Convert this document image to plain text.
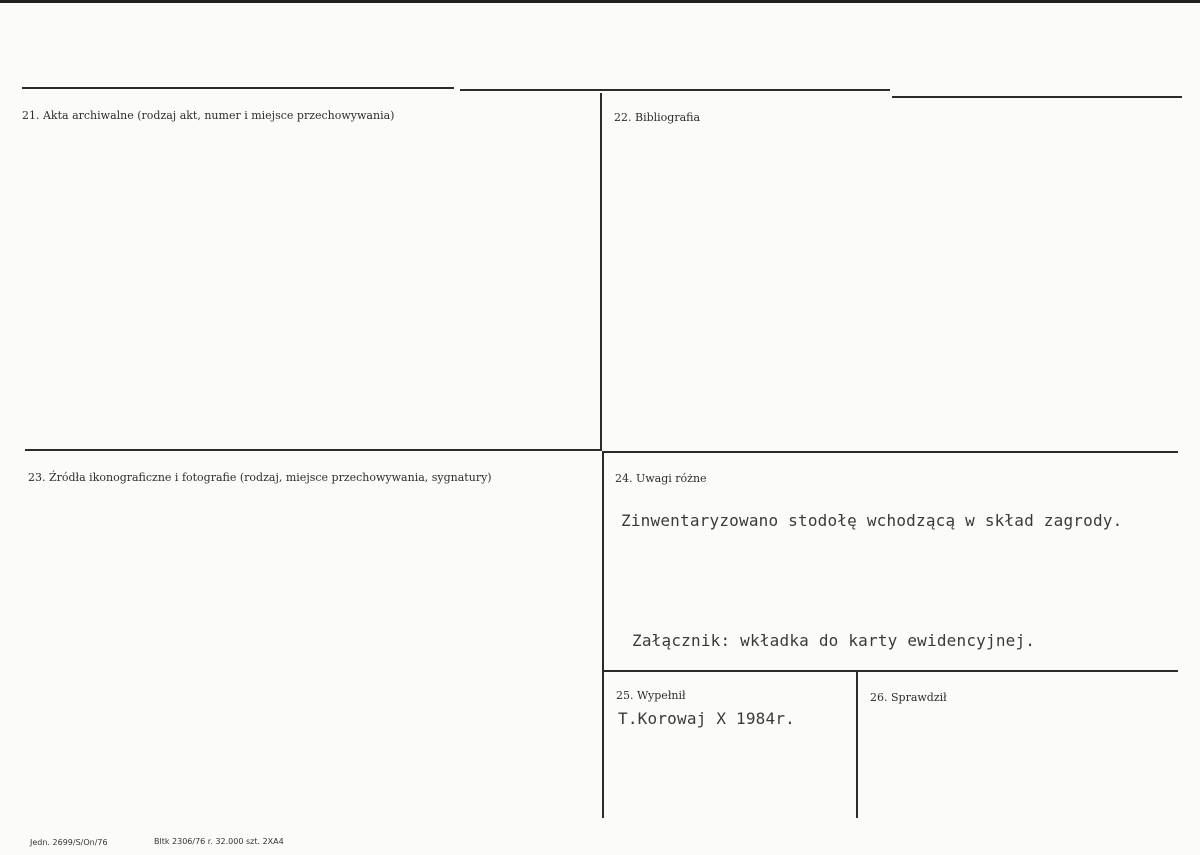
21. Akta archiwalne (rodzaj akt, numer i miejsce przechowywania)	22. Bibliografia
23. Źródła ikonograficzne i fotografie (rodzaj, miejsce przechowywania, sygnatury)	24. Uwagi różne
25. Wypełnił	26. Sprawdził
Zinwentaryzowano stodołę wchodzącą w skład zagrody.
Załącznik: wkładka do karty ewidencyjnej.
T.Korowaj X 1984r.
Jedn. 2699/S/On/76	Bltk 2306/76 r. 32.000 szt. 2XA4
